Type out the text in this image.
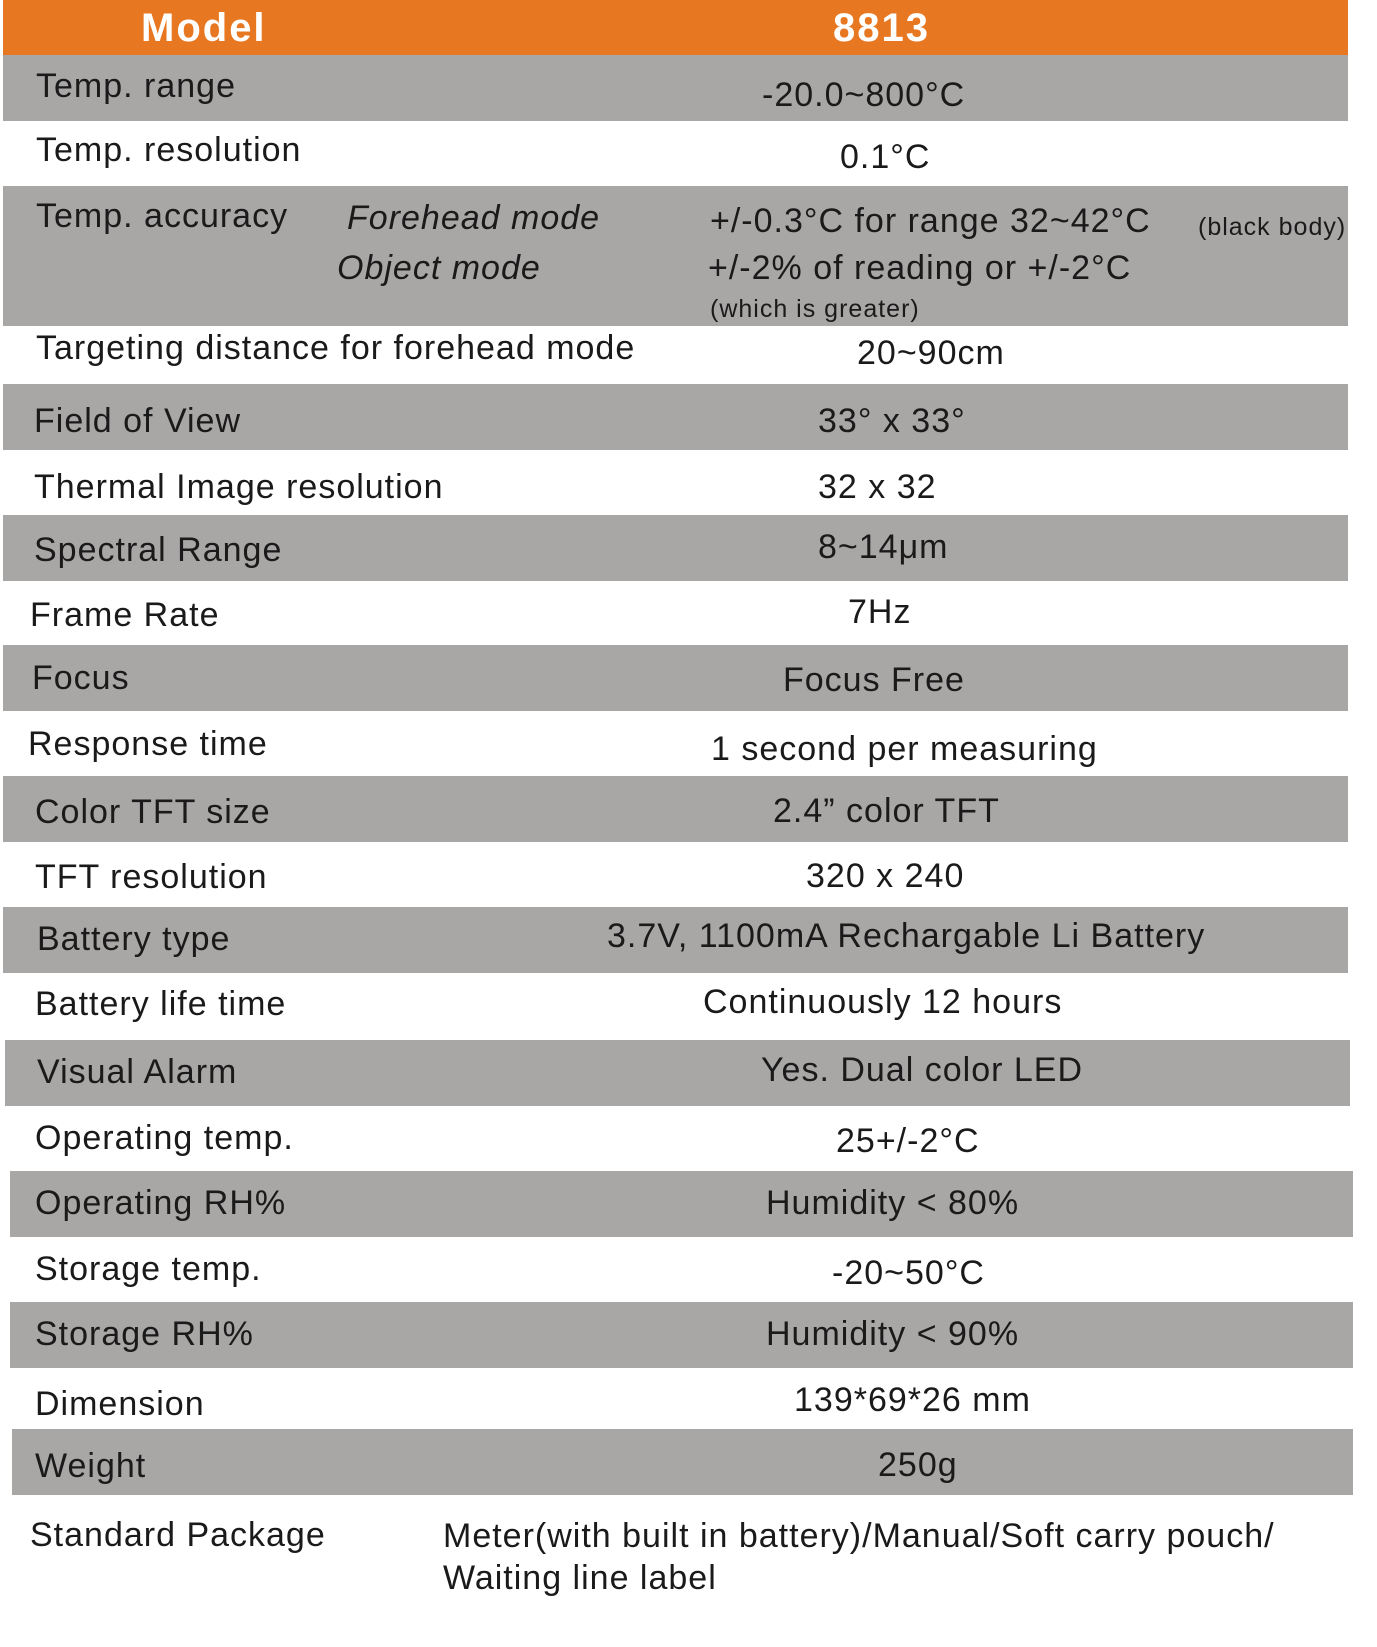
Model	8813
Temp. range	-20.0~800°C
Temp. resolution	0.1°C
Temp. accuracy Forehead mode	+/-0.3°C for range 32~42°C (black body)
Object mode	+/-2% of reading or +/-2°C
(which is greater)
Targeting distance for forehead mode	20~90cm
Field of View	33° x 33°
Thermal Image resolution	32 x 32
Spectral Range	8~14μm
Frame Rate	7Hz
Focus	Focus Free
Response time	1 second per measuring
Color TFT size	2.4” color TFT
TFT resolution	320 x 240
Battery type	3.7V, 1100mA Rechargable Li Battery
Battery life time	Continuously 12 hours
Visual Alarm	Yes. Dual color LED
Operating temp.	25+/-2°C
Operating RH%	Humidity < 80%
Storage temp.	-20~50°C
Storage RH%	Humidity < 90%
Dimension	139*69*26 mm
Weight	250g
Standard Package	Meter(with built in battery)/Manual/Soft carry pouch/
Waiting line label
